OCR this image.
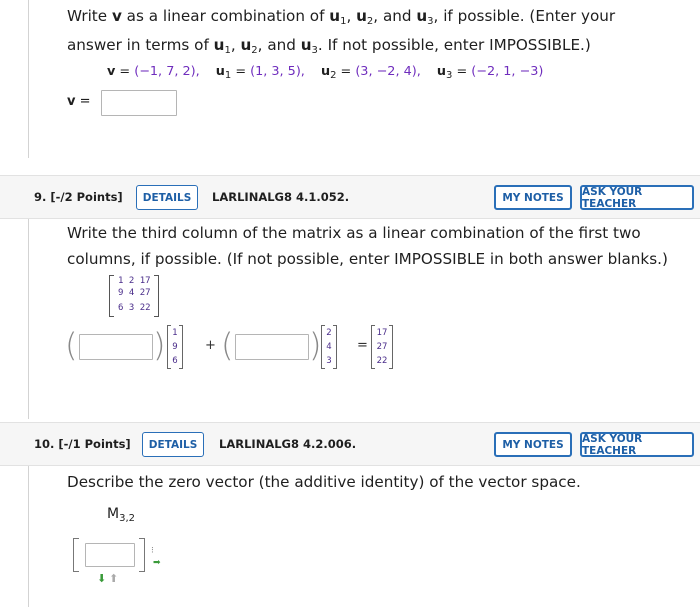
Write v as a linear combination of $u_1$, $u_2$, and $u_3$, if possible. (Enter your
answer in terms of $u_1$, $u_2$, and $u_3$. If not possible, enter IMPOSSIBLE.)
v = (−1, 7, 2), $u_1 = (1$, 3, 5), $u_2 = (3$, −2, 4), $u_3 = (-2$, 1, −3)
v =
9. [-/2 Points]	DETAILS	LARLINALG8 4.1.052.	MY NOTES	ASK YOUR TEACHER
Write the third column of the matrix as a linear combination of the first two
columns, if possible. (If not possible, enter IMPOSSIBLE in both answer blanks.)
1 2 17
9 4 27
6 3 22
( ) 1
9
6
+ ( ) 2
4
3
=
17
27
22
10. [-/1 Points]	DETAILS	LARLINALG8 4.2.006.	MY NOTES	ASK YOUR TEACHER
Describe the zero vector (the additive identity) of the vector space.
$M_{3,2}$
⁝
➡
⬇ ⬆
